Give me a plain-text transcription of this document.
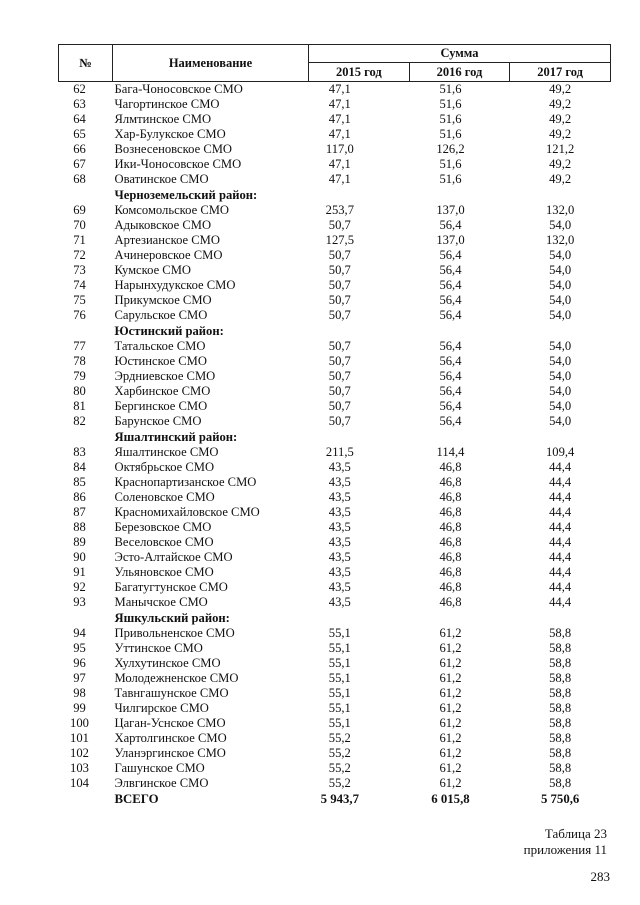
№	Наименование	Сумма		
		2015 год	2016 год	2017 год
62	Бага-Чоносовское СМО	47,1	51,6	49,2
63	Чагортинское СМО	47,1	51,6	49,2
64	Ялмтинское СМО	47,1	51,6	49,2
65	Хар-Булукское СМО	47,1	51,6	49,2
66	Вознесеновское СМО	117,0	126,2	121,2
67	Ики-Чоносовское СМО	47,1	51,6	49,2
68	Оватинское СМО	47,1	51,6	49,2
	Черноземельский район:			
69	Комсомольское СМО	253,7	137,0	132,0
70	Адыковское СМО	50,7	56,4	54,0
71	Артезианское СМО	127,5	137,0	132,0
72	Ачинеровское СМО	50,7	56,4	54,0
73	Кумское СМО	50,7	56,4	54,0
74	Нарынхудукское СМО	50,7	56,4	54,0
75	Прикумское СМО	50,7	56,4	54,0
76	Сарульское СМО	50,7	56,4	54,0
	Юстинский район:			
77	Татальское СМО	50,7	56,4	54,0
78	Юстинское СМО	50,7	56,4	54,0
79	Эрдниевское СМО	50,7	56,4	54,0
80	Харбинское СМО	50,7	56,4	54,0
81	Бергинское СМО	50,7	56,4	54,0
82	Барунское СМО	50,7	56,4	54,0
	Яшалтинский район:			
83	Яшалтинское СМО	211,5	114,4	109,4
84	Октябрьское СМО	43,5	46,8	44,4
85	Краснопартизанское СМО	43,5	46,8	44,4
86	Соленовское СМО	43,5	46,8	44,4
87	Красномихайловское СМО	43,5	46,8	44,4
88	Березовское СМО	43,5	46,8	44,4
89	Веселовское СМО	43,5	46,8	44,4
90	Эсто-Алтайское СМО	43,5	46,8	44,4
91	Ульяновское СМО	43,5	46,8	44,4
92	Багатугтунское СМО	43,5	46,8	44,4
93	Манычское СМО	43,5	46,8	44,4
	Яшкульский район:			
94	Привольненское СМО	55,1	61,2	58,8
95	Уттинское СМО	55,1	61,2	58,8
96	Хулхутинское СМО	55,1	61,2	58,8
97	Молодежненское СМО	55,1	61,2	58,8
98	Тавнгашунское СМО	55,1	61,2	58,8
99	Чилгирское СМО	55,1	61,2	58,8
100	Цаган-Уснское СМО	55,1	61,2	58,8
101	Хартолгинское СМО	55,2	61,2	58,8
102	Уланэргинское СМО	55,2	61,2	58,8
103	Гашунское СМО	55,2	61,2	58,8
104	Элвгинское СМО	55,2	61,2	58,8
	ВСЕГО	5 943,7	6 015,8	5 750,6
Таблица 23
приложения 11
283
